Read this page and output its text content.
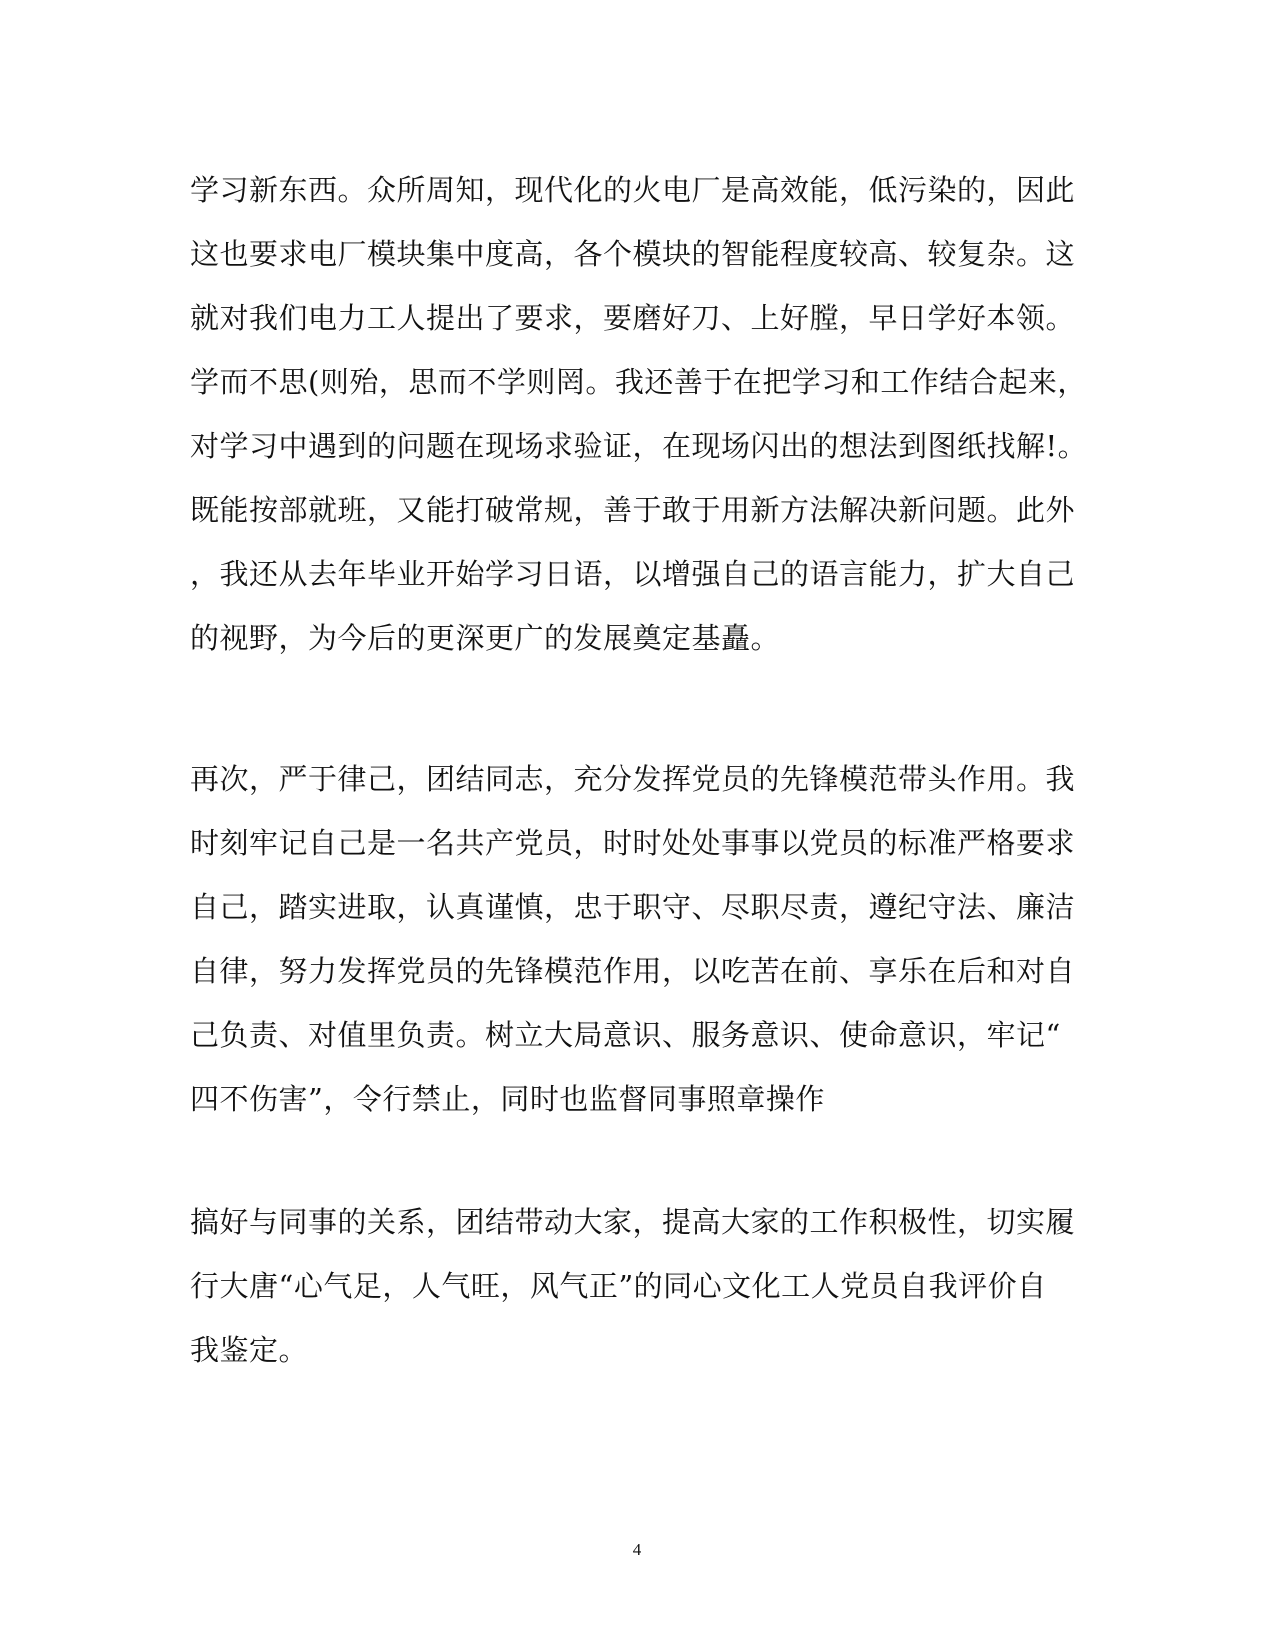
学习新东西。众所周知，现代化的火电厂是高效能，低污染的，因此
这也要求电厂模块集中度高，各个模块的智能程度较高、较复杂。这
就对我们电力工人提出了要求，要磨好刀、上好膛，早日学好本领。
学而不思(则殆，思而不学则罔。我还善于在把学习和工作结合起来，
对学习中遇到的问题在现场求验证，在现场闪出的想法到图纸找解!。
既能按部就班，又能打破常规，善于敢于用新方法解决新问题。此外
，我还从去年毕业开始学习日语，以增强自己的语言能力，扩大自己
的视野，为今后的更深更广的发展奠定基矗。
再次，严于律己，团结同志，充分发挥党员的先锋模范带头作用。我
时刻牢记自己是一名共产党员，时时处处事事以党员的标准严格要求
自己，踏实进取，认真谨慎，忠于职守、尽职尽责，遵纪守法、廉洁
自律，努力发挥党员的先锋模范作用，以吃苦在前、享乐在后和对自
己负责、对值里负责。树立大局意识、服务意识、使命意识，牢记“
四不伤害”，令行禁止，同时也监督同事照章操作
搞好与同事的关系，团结带动大家，提高大家的工作积极性，切实履
行大唐“心气足，人气旺，风气正”的同心文化工人党员自我评价自
我鉴定。
4
